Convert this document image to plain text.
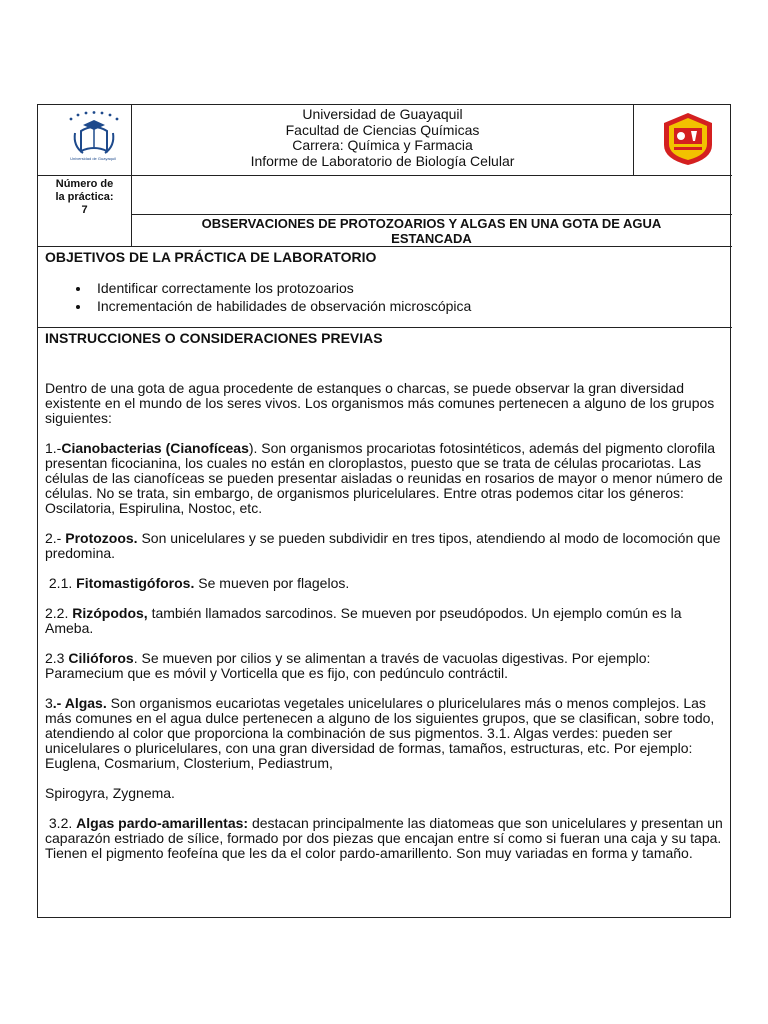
Universidad de Guayaquil
Universidad de Guayaquil
Facultad de Ciencias Químicas
Carrera: Química y Farmacia
Informe de Laboratorio de Biología Celular
Número de
la práctica:
7
OBSERVACIONES DE PROTOZOARIOS Y ALGAS EN UNA GOTA DE AGUA
ESTANCADA

OBJETIVOS DE LA PRÁCTICA DE LABORATORIO

• Identificar correctamente los protozoarios
• Incrementación de habilidades de observación microscópica

INSTRUCCIONES O CONSIDERACIONES PREVIAS

Dentro de una gota de agua procedente de estanques o charcas, se puede observar la gran diversidad existente en el mundo de los seres vivos. Los organismos más comunes pertenecen a alguno de los grupos siguientes:

1.-Cianobacterias (Cianofíceas). Son organismos procariotas fotosintéticos, además del pigmento clorofila presentan ficocianina, los cuales no están en cloroplastos, puesto que se trata de células procariotas. Las células de las cianofíceas se pueden presentar aisladas o reunidas en rosarios de mayor o menor número de células. No se trata, sin embargo, de organismos pluricelulares. Entre otras podemos citar los géneros: Oscilatoria, Espirulina, Nostoc, etc.

2.- Protozoos. Son unicelulares y se pueden subdividir en tres tipos, atendiendo al modo de locomoción que predomina.

2.1. Fitomastigóforos. Se mueven por flagelos.

2.2. Rizópodos, también llamados sarcodinos. Se mueven por pseudópodos. Un ejemplo común es la Ameba.

2.3 Cilióforos. Se mueven por cilios y se alimentan a través de vacuolas digestivas. Por ejemplo: Paramecium que es móvil y Vorticella que es fijo, con pedúnculo contráctil.

3.- Algas. Son organismos eucariotas vegetales unicelulares o pluricelulares más o menos complejos. Las más comunes en el agua dulce pertenecen a alguno de los siguientes grupos, que se clasifican, sobre todo, atendiendo al color que proporciona la combinación de sus pigmentos. 3.1. Algas verdes: pueden ser unicelulares o pluricelulares, con una gran diversidad de formas, tamaños, estructuras, etc. Por ejemplo: Euglena, Cosmarium, Closterium, Pediastrum,

Spirogyra, Zygnema.

3.2. Algas pardo-amarillentas: destacan principalmente las diatomeas que son unicelulares y presentan un caparazón estriado de sílice, formado por dos piezas que encajan entre sí como si fueran una caja y su tapa. Tienen el pigmento feofeína que les da el color pardo-amarillento. Son muy variadas en forma y tamaño.
